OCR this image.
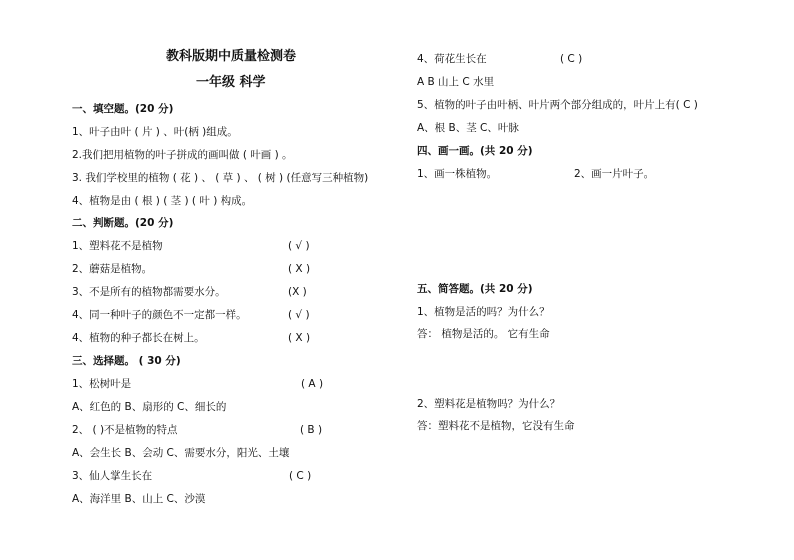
教科版期中质量检测卷
一年级 科学
一、填空题。(20 分)
1、叶子由叶 ( 片 ) 、叶(柄 )组成。
2.我们把用植物的叶子拼成的画叫做 ( 叶画 ) 。
3. 我们学校里的植物 ( 花 ) 、 ( 草 ) 、 ( 树 ) (任意写三种植物)
4、植物是由 ( 根 ) ( 茎 ) ( 叶 ) 构成。
二、判断题。(20 分)
1、塑料花不是植物	( √ )
2、蘑菇是植物。	( X )
3、不是所有的植物都需要水分。	(X )
4、同一种叶子的颜色不一定都一样。	( √ )
4、植物的种子都长在树上。	( X )
三、选择题。 ( 30 分)
1、松树叶是	( A )
A、红色的 B、扇形的 C、细长的
2、 ( )不是植物的特点	( B )
A、会生长 B、会动 C、需要水分，阳光、土壤
3、仙人掌生长在	( C )
A、海洋里 B、山上 C、沙漠
4、荷花生长在	( C )
A B 山上 C 水里
5、植物的叶子由叶柄、叶片两个部分组成的，叶片上有( C )
A、根 B、茎 C、叶脉
四、画一画。(共 20 分)
1、画一株植物。	2、画一片叶子。
五、简答题。(共 20 分)
1、植物是活的吗？为什么？
答： 植物是活的。 它有生命
2、塑料花是植物吗？为什么？
答：塑料花不是植物，它没有生命
